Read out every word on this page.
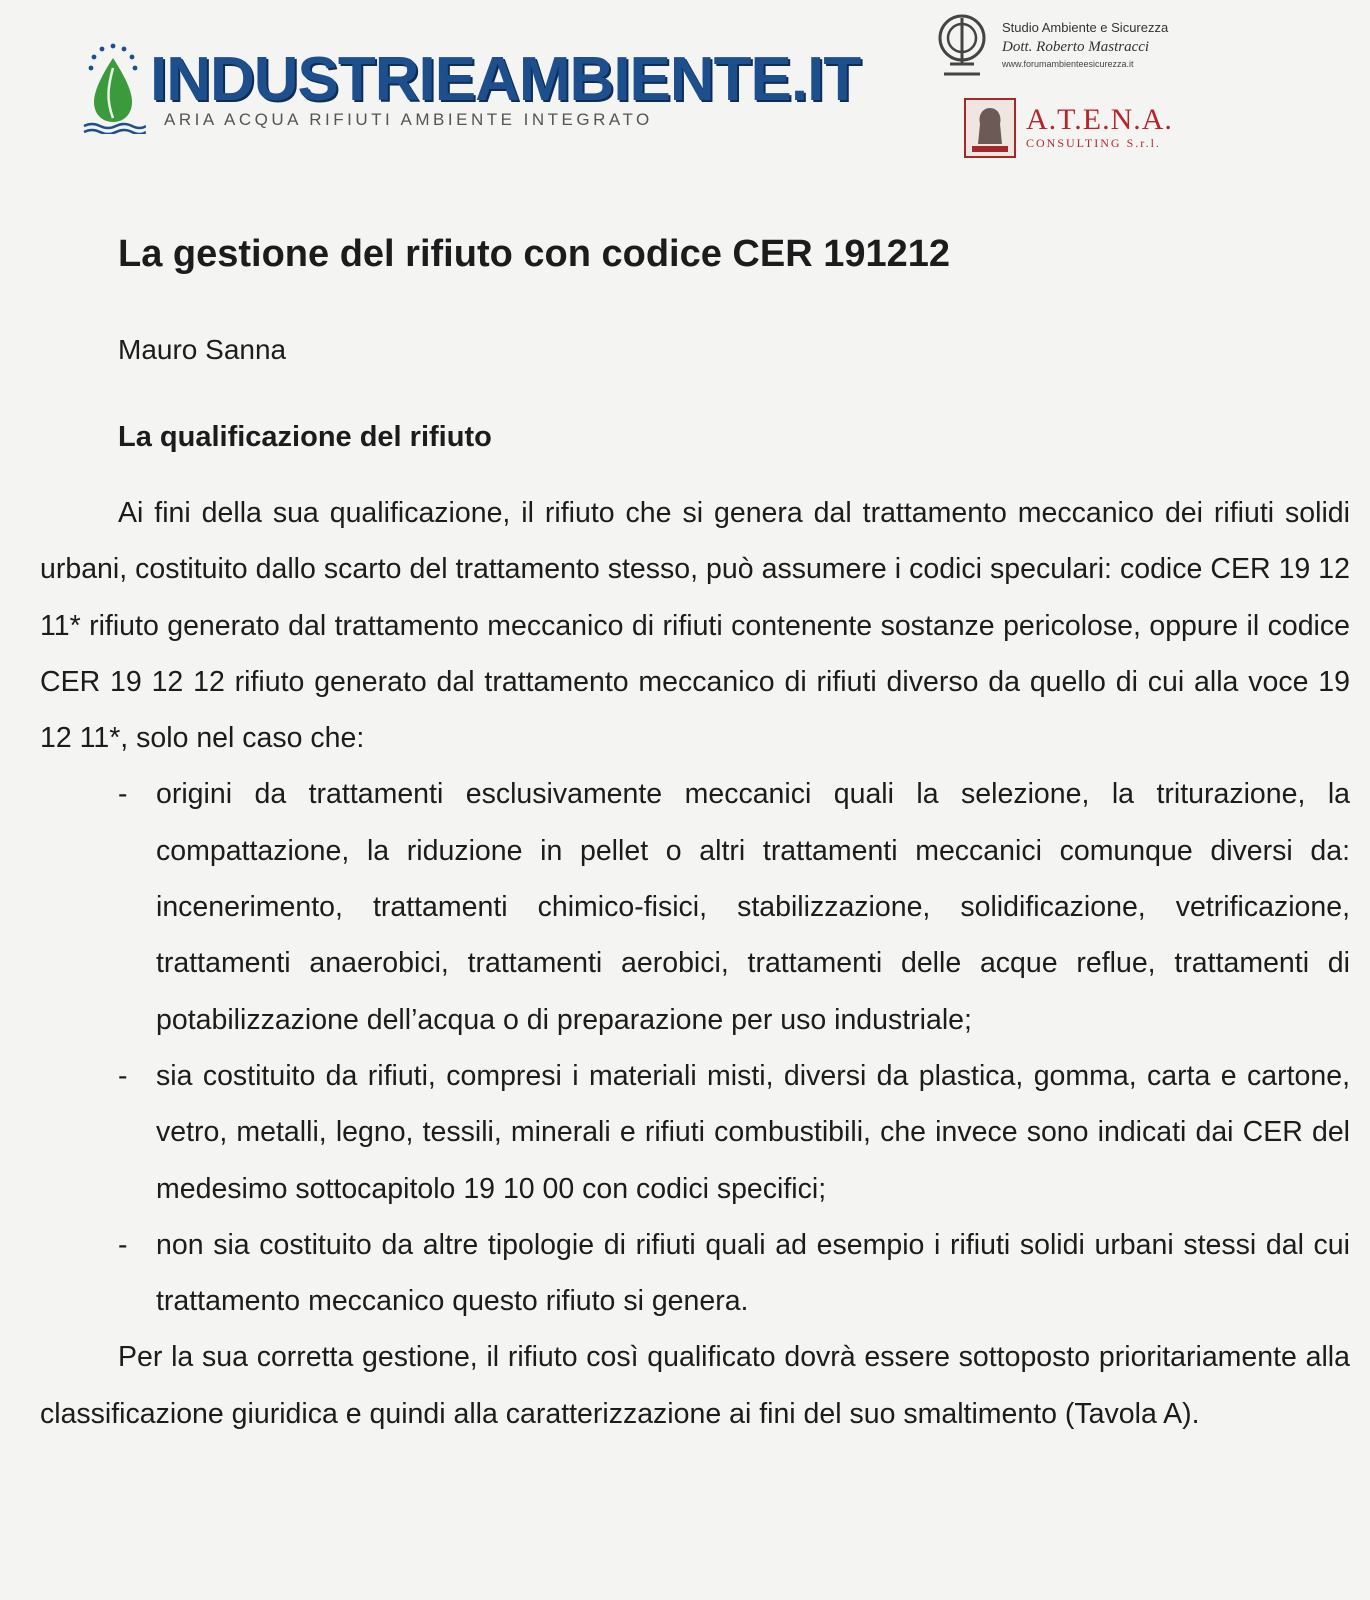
INDUSTRIEAMBIENTE.IT
ARIA ACQUA RIFIUTI AMBIENTE INTEGRATO
Studio Ambiente e Sicurezza
Dott. Roberto Mastracci
www.forumambienteesicurezza.it
A.T.E.N.A.
CONSULTING S.r.l.
La gestione del rifiuto con codice CER 191212
Mauro Sanna
La qualificazione del rifiuto

Ai fini della sua qualificazione, il rifiuto che si genera dal trattamento meccanico dei rifiuti solidi urbani, costituito dallo scarto del trattamento stesso, può assumere i codici speculari: codice CER 19 12 11* rifiuto generato dal trattamento meccanico di rifiuti contenente sostanze pericolose, oppure il codice CER 19 12 12 rifiuto generato dal trattamento meccanico di rifiuti diverso da quello di cui alla voce 19 12 11*, solo nel caso che:

- origini da trattamenti esclusivamente meccanici quali la selezione, la triturazione, la compattazione, la riduzione in pellet o altri trattamenti meccanici comunque diversi da: incenerimento, trattamenti chimico-fisici, stabilizzazione, solidificazione, vetrificazione, trattamenti anaerobici, trattamenti aerobici, trattamenti delle acque reflue, trattamenti di potabilizzazione dell’acqua o di preparazione per uso industriale;
- sia costituito da rifiuti, compresi i materiali misti, diversi da plastica, gomma, carta e cartone, vetro, metalli, legno, tessili, minerali e rifiuti combustibili, che invece sono indicati dai CER del medesimo sottocapitolo 19 10 00 con codici specifici;
- non sia costituito da altre tipologie di rifiuti quali ad esempio i rifiuti solidi urbani stessi dal cui trattamento meccanico questo rifiuto si genera.

Per la sua corretta gestione, il rifiuto così qualificato dovrà essere sottoposto prioritariamente alla classificazione giuridica e quindi alla caratterizzazione ai fini del suo smaltimento (Tavola A).
